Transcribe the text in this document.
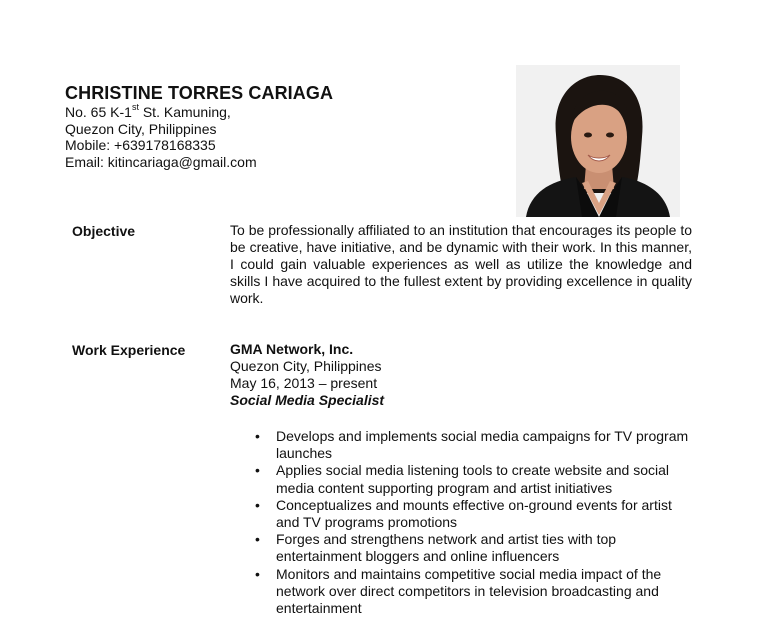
CHRISTINE TORRES CARIAGA
No. 65 K-1st St. Kamuning,
Quezon City, Philippines
Mobile: +639178168335
Email: kitincariaga@gmail.com
Objective	To be professionally affiliated to an institution that encourages its people to be creative, have initiative, and be dynamic with their work. In this manner, I could gain valuable experiences as well as utilize the knowledge and skills I have acquired to the fullest extent by providing excellence in quality work.
Work Experience	GMA Network, Inc.
Quezon City, Philippines
May 16, 2013 – present
Social Media Specialist
•	Develops and implements social media campaigns for TV program launches
•	Applies social media listening tools to create website and social media content supporting program and artist initiatives
•	Conceptualizes and mounts effective on-ground events for artist and TV programs promotions
•	Forges and strengthens network and artist ties with top entertainment bloggers and online influencers
•	Monitors and maintains competitive social media impact of the network over direct competitors in television broadcasting and entertainment
